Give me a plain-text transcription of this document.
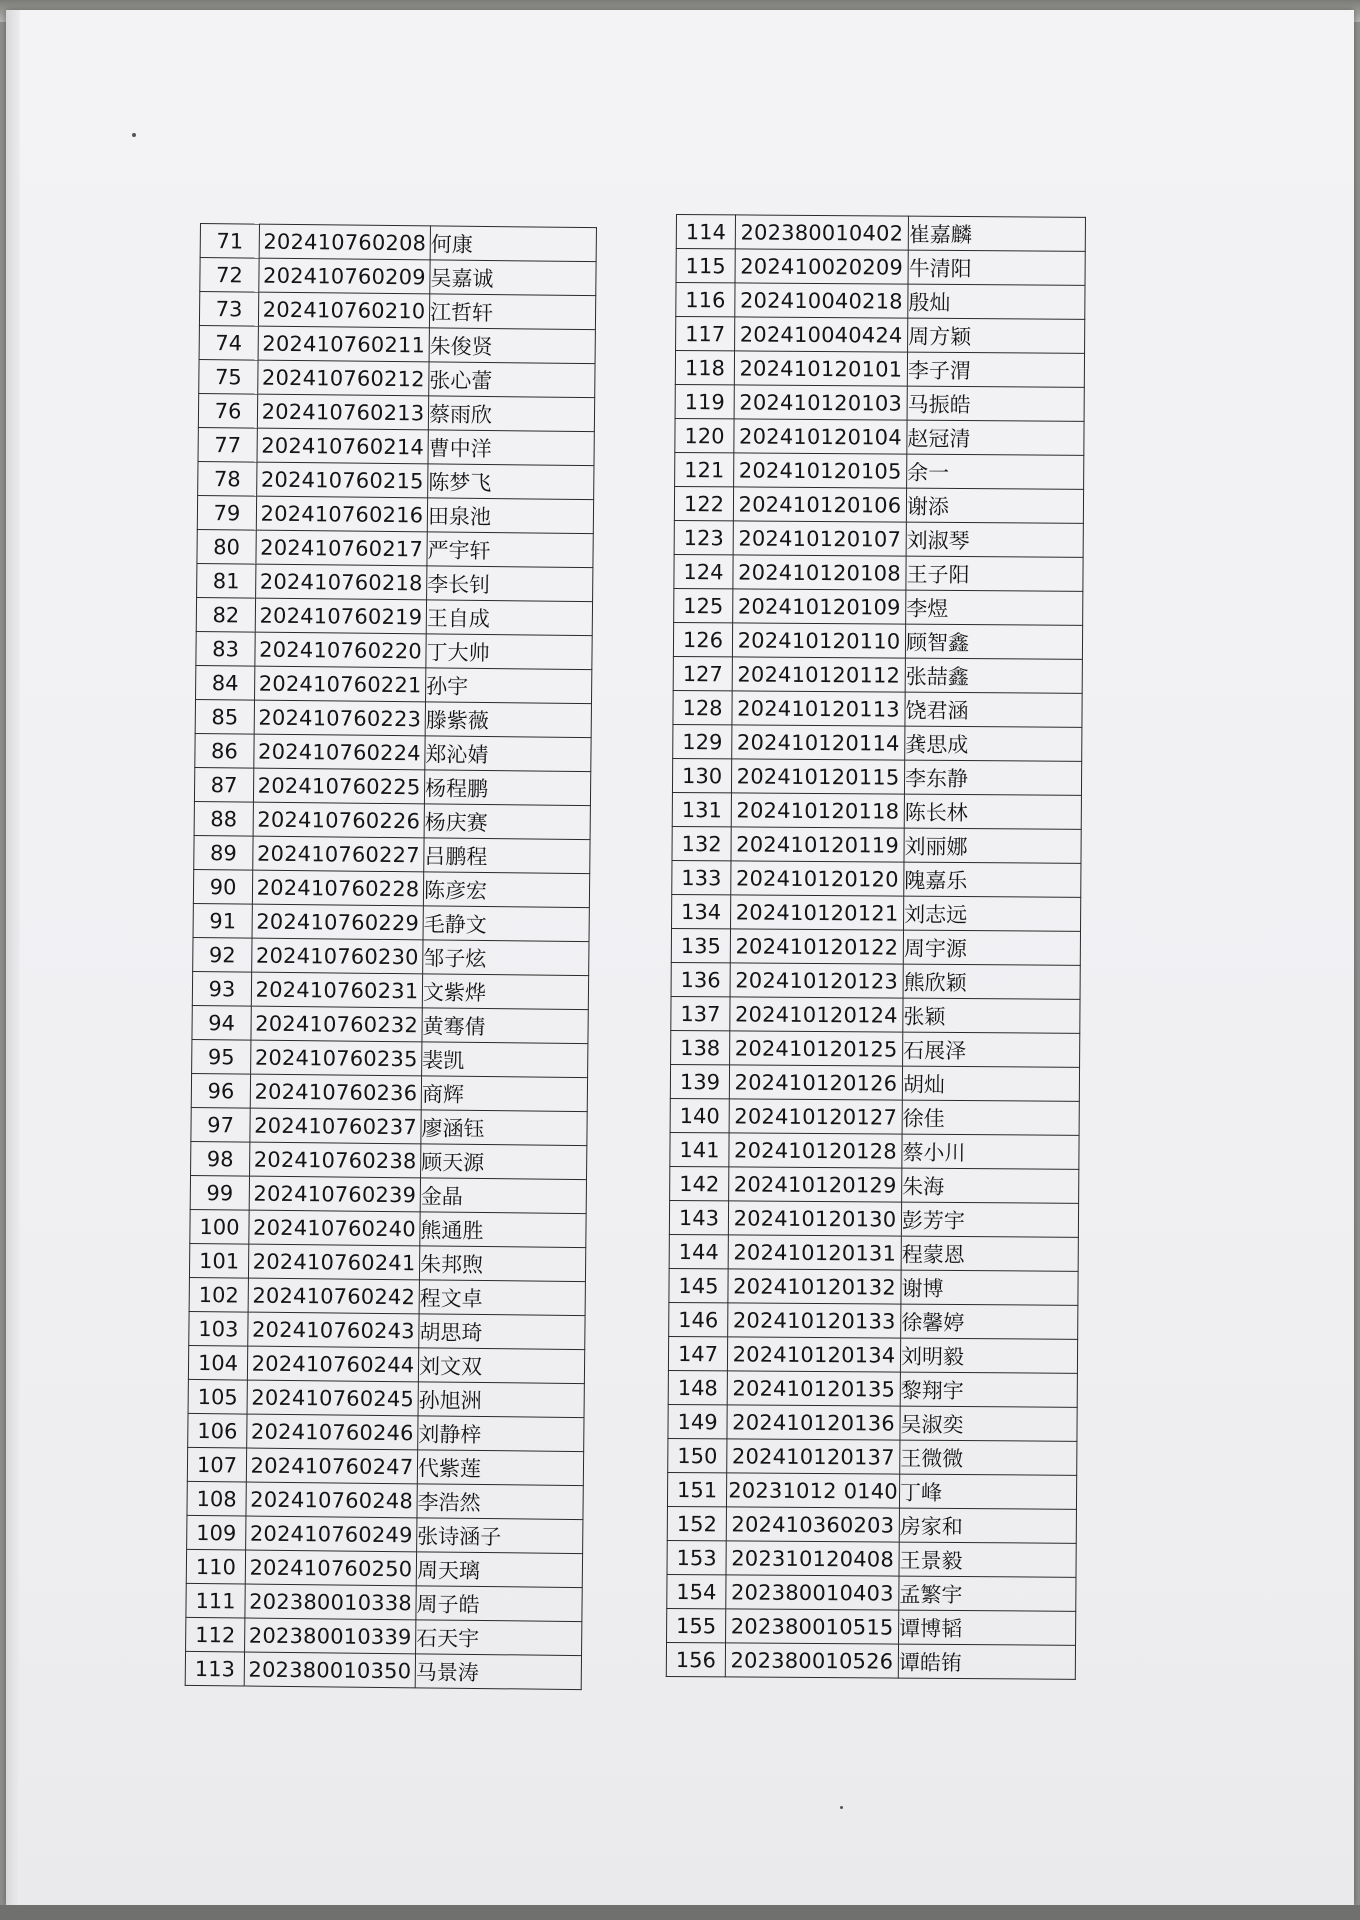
71	202410760208	何康
72	202410760209	吴嘉诚
73	202410760210	江哲轩
74	202410760211	朱俊贤
75	202410760212	张心蕾
76	202410760213	蔡雨欣
77	202410760214	曹中洋
78	202410760215	陈梦飞
79	202410760216	田泉池
80	202410760217	严宇轩
81	202410760218	李长钊
82	202410760219	王自成
83	202410760220	丁大帅
84	202410760221	孙宇
85	202410760223	滕紫薇
86	202410760224	郑沁婧
87	202410760225	杨程鹏
88	202410760226	杨庆赛
89	202410760227	吕鹏程
90	202410760228	陈彦宏
91	202410760229	毛静文
92	202410760230	邹子炫
93	202410760231	文紫烨
94	202410760232	黄骞倩
95	202410760235	裴凯
96	202410760236	商辉
97	202410760237	廖涵钰
98	202410760238	顾天源
99	202410760239	金晶
100	202410760240	熊通胜
101	202410760241	朱邦煦
102	202410760242	程文卓
103	202410760243	胡思琦
104	202410760244	刘文双
105	202410760245	孙旭洲
106	202410760246	刘静梓
107	202410760247	代紫莲
108	202410760248	李浩然
109	202410760249	张诗涵子
110	202410760250	周天璃
111	202380010338	周子皓
112	202380010339	石天宇
113	202380010350	马景涛
114	202380010402	崔嘉麟
115	202410020209	牛清阳
116	202410040218	殷灿
117	202410040424	周方颖
118	202410120101	李子渭
119	202410120103	马振皓
120	202410120104	赵冠清
121	202410120105	余一
122	202410120106	谢添
123	202410120107	刘淑琴
124	202410120108	王子阳
125	202410120109	李煜
126	202410120110	顾智鑫
127	202410120112	张喆鑫
128	202410120113	饶君涵
129	202410120114	龚思成
130	202410120115	李东静
131	202410120118	陈长林
132	202410120119	刘丽娜
133	202410120120	隗嘉乐
134	202410120121	刘志远
135	202410120122	周宇源
136	202410120123	熊欣颖
137	202410120124	张颖
138	202410120125	石展泽
139	202410120126	胡灿
140	202410120127	徐佳
141	202410120128	蔡小川
142	202410120129	朱海
143	202410120130	彭芳宇
144	202410120131	程蒙恩
145	202410120132	谢博
146	202410120133	徐馨婷
147	202410120134	刘明毅
148	202410120135	黎翔宇
149	202410120136	吴淑奕
150	202410120137	王微微
151	20231012 0140	丁峰
152	202410360203	房家和
153	202310120408	王景毅
154	202380010403	孟繁宇
155	202380010515	谭博韬
156	202380010526	谭皓铕
